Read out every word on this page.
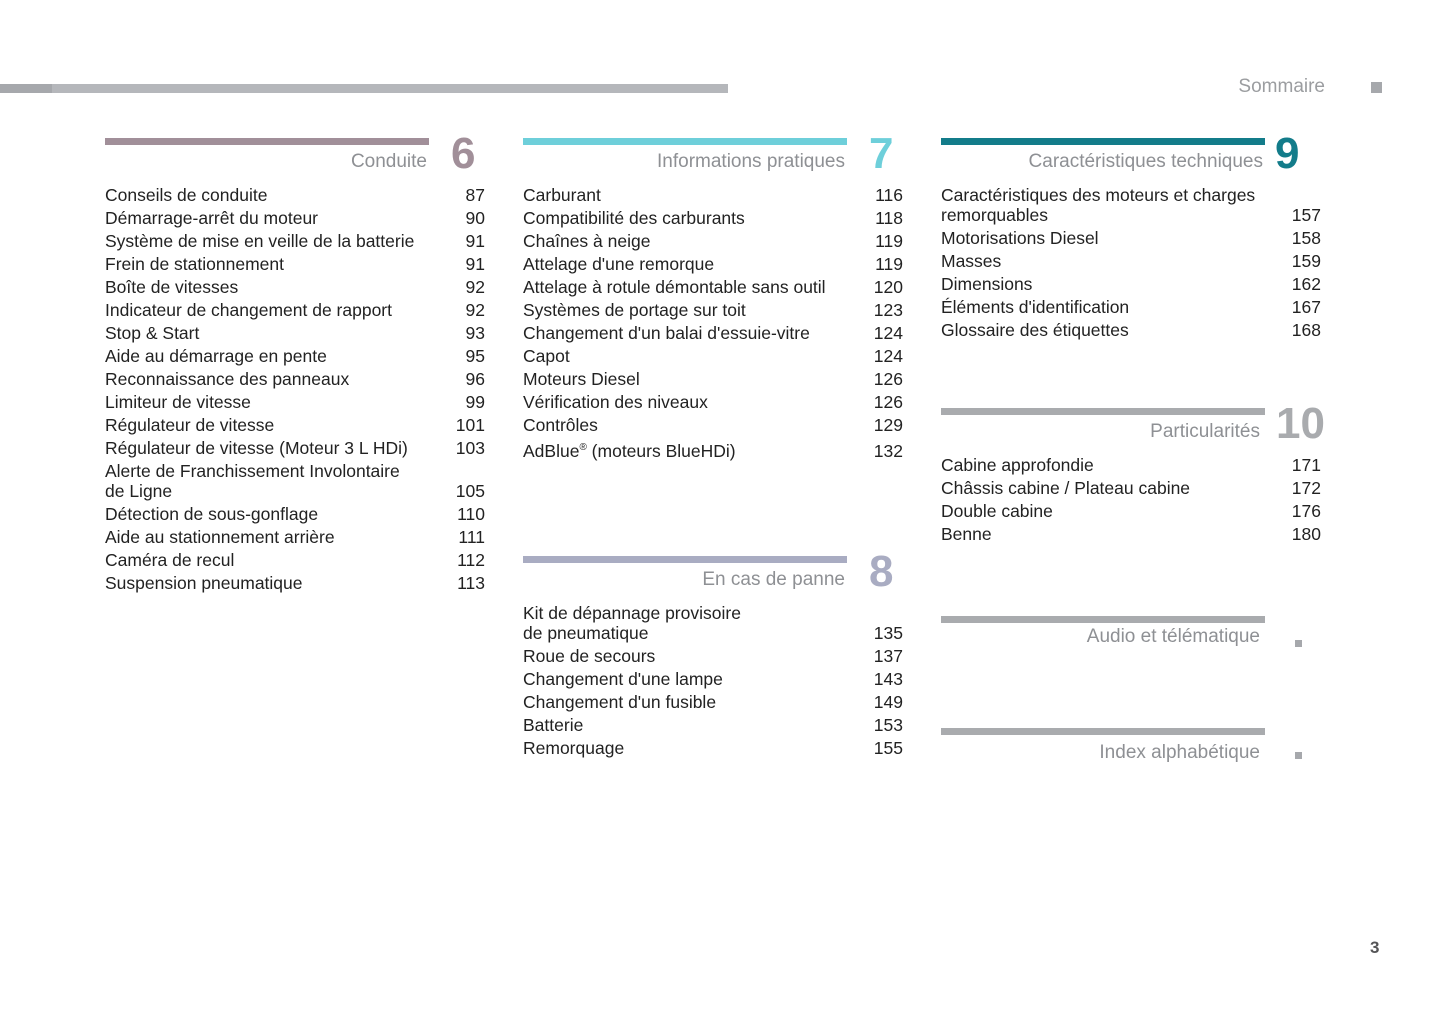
Sommaire
Conduite 6
Conseils de conduite	87
Démarrage-arrêt du moteur	90
Système de mise en veille de la batterie	91
Frein de stationnement	91
Boîte de vitesses	92
Indicateur de changement de rapport	92
Stop & Start	93
Aide au démarrage en pente	95
Reconnaissance des panneaux	96
Limiteur de vitesse	99
Régulateur de vitesse	101
Régulateur de vitesse (Moteur 3 L HDi)	103
Alerte de Franchissement Involontaire
de Ligne	105
Détection de sous-gonflage	110
Aide au stationnement arrière	111
Caméra de recul	112
Suspension pneumatique	113
Informations pratiques 7
Carburant	116
Compatibilité des carburants	118
Chaînes à neige	119
Attelage d'une remorque	119
Attelage à rotule démontable sans outil	120
Systèmes de portage sur toit	123
Changement d'un balai d'essuie-vitre	124
Capot	124
Moteurs Diesel	126
Vérification des niveaux	126
Contrôles	129
AdBlue® (moteurs BlueHDi)	132
En cas de panne 8
Kit de dépannage provisoire
de pneumatique	135
Roue de secours	137
Changement d'une lampe	143
Changement d'un fusible	149
Batterie	153
Remorquage	155
Caractéristiques techniques 9
Caractéristiques des moteurs et charges
remorquables	157
Motorisations Diesel	158
Masses	159
Dimensions	162
Éléments d'identification	167
Glossaire des étiquettes	168
Particularités 10
Cabine approfondie	171
Châssis cabine / Plateau cabine	172
Double cabine	176
Benne	180
Audio et télématique
Index alphabétique
3
